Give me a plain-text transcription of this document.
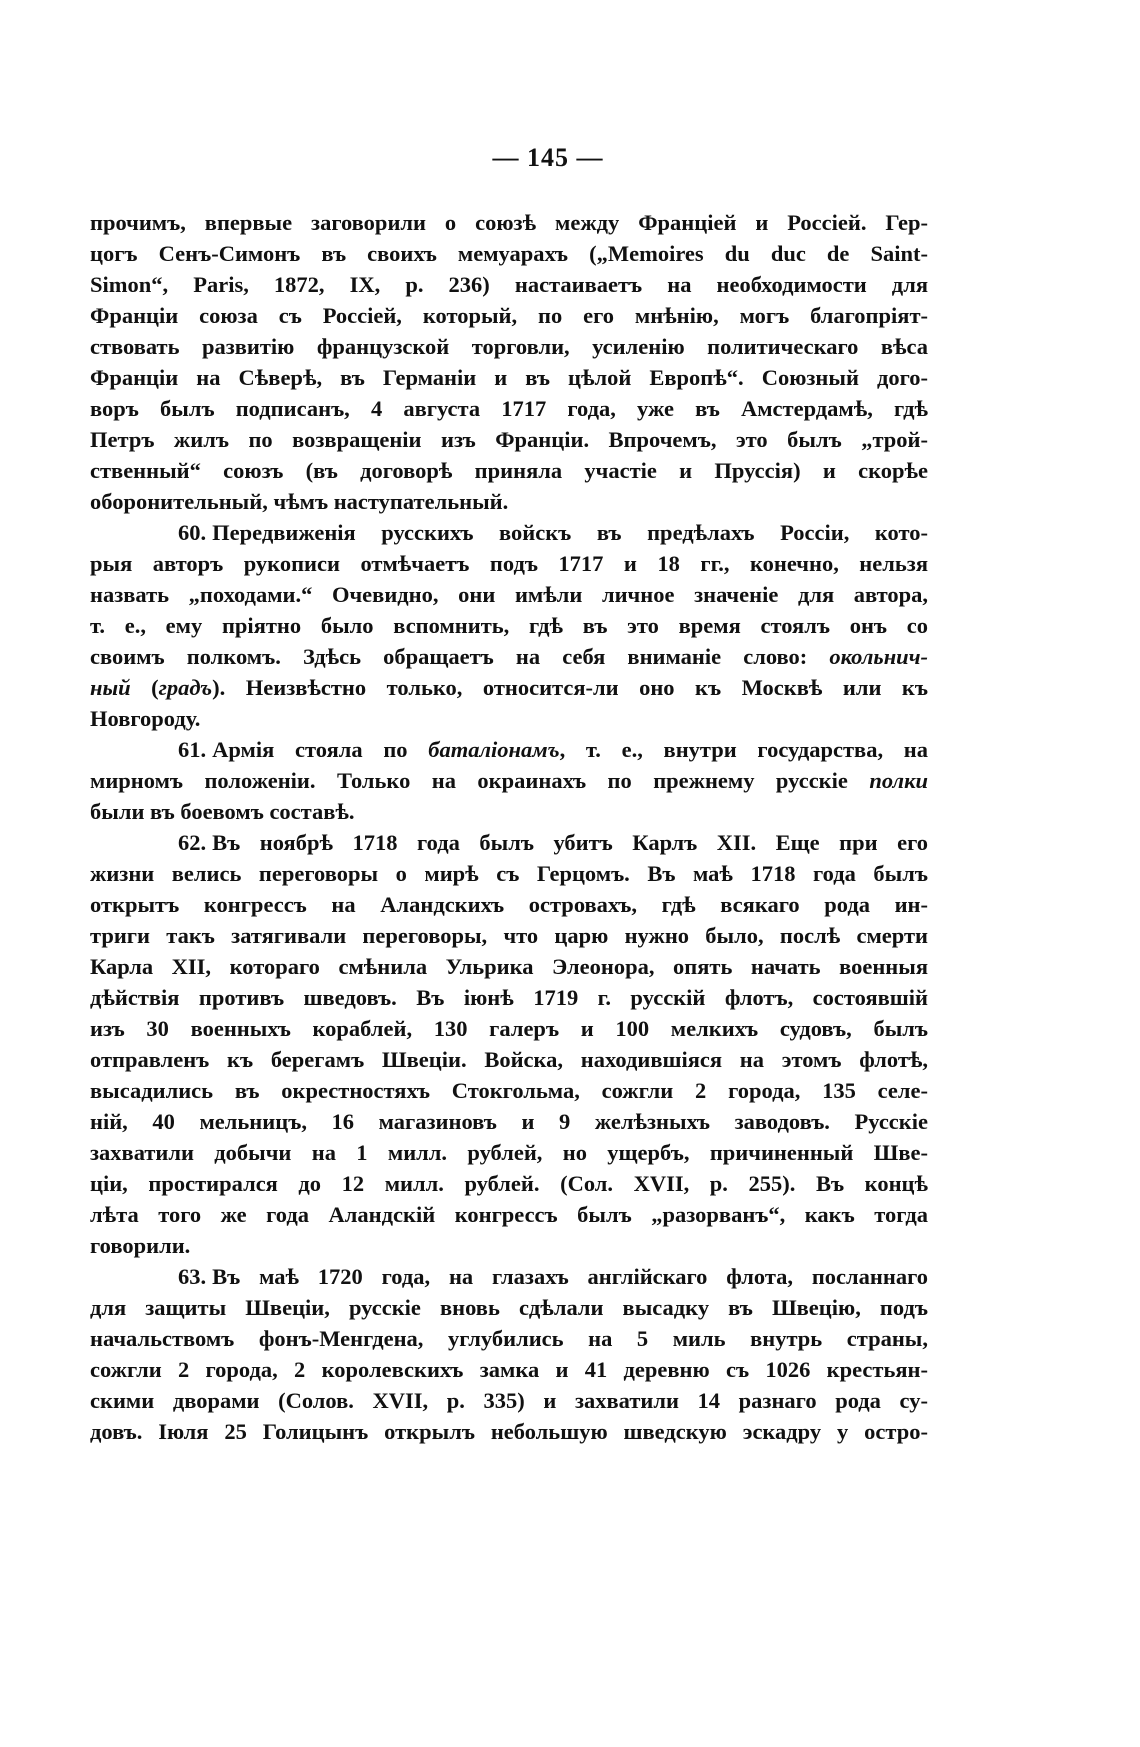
— 145 —
прочимъ, впервые заговорили о союзѣ между Франціей и Россіей. Гер-
цогъ Сенъ-Симонъ въ своихъ мемуарахъ („Memoires du duc de Saint-
Simon“, Paris, 1872, IX, p. 236) настаиваетъ на необходимости для
Франціи союза съ Россіей, который, по его мнѣнію, могъ благопріят-
ствовать развитію французской торговли, усиленію политическаго вѣса
Франціи на Сѣверѣ, въ Германіи и въ цѣлой Европѣ“. Союзный дого-
воръ былъ подписанъ, 4 августа 1717 года, уже въ Амстердамѣ, гдѣ
Петръ жилъ по возвращеніи изъ Франціи. Впрочемъ, это былъ „трой-
ственный“ союзъ (въ договорѣ приняла участіе и Пруссія) и скорѣе
оборонительный, чѣмъ наступательный.
60. Передвиженія русскихъ войскъ въ предѣлахъ Россіи, кото-
рыя авторъ рукописи отмѣчаетъ подъ 1717 и 18 гг., конечно, нельзя
назвать „походами.“ Очевидно, они имѣли личное значеніе для автора,
т. е., ему пріятно было вспомнить, гдѣ въ это время стоялъ онъ со
своимъ полкомъ. Здѣсь обращаетъ на себя вниманіе слово: окольнич-
ный (градъ). Неизвѣстно только, относится-ли оно къ Москвѣ или къ
Новгороду.
61. Армія стояла по баталіонамъ, т. е., внутри государства, на
мирномъ положеніи. Только на окраинахъ по прежнему русскіе полки
были въ боевомъ составѣ.
62. Въ ноябрѣ 1718 года былъ убитъ Карлъ XII. Еще при его
жизни велись переговоры о мирѣ съ Герцомъ. Въ маѣ 1718 года былъ
открытъ конгрессъ на Аландскихъ островахъ, гдѣ всякаго рода ин-
триги такъ затягивали переговоры, что царю нужно было, послѣ смерти
Карла XII, котораго смѣнила Ульрика Элеонора, опять начать военныя
дѣйствія противъ шведовъ. Въ іюнѣ 1719 г. русскій флотъ, состоявшій
изъ 30 военныхъ кораблей, 130 галеръ и 100 мелкихъ судовъ, былъ
отправленъ къ берегамъ Швеціи. Войска, находившіяся на этомъ флотѣ,
высадились въ окрестностяхъ Стокгольма, сожгли 2 города, 135 селе-
ній, 40 мельницъ, 16 магазиновъ и 9 желѣзныхъ заводовъ. Русскіе
захватили добычи на 1 милл. рублей, но ущербъ, причиненный Шве-
ціи, простирался до 12 милл. рублей. (Сол. XVII, p. 255). Въ концѣ
лѣта того же года Аландскій конгрессъ былъ „разорванъ“, какъ тогда
говорили.
63. Въ маѣ 1720 года, на глазахъ англійскаго флота, посланнаго
для защиты Швеціи, русскіе вновь сдѣлали высадку въ Швецію, подъ
начальствомъ фонъ-Менгдена, углубились на 5 миль внутрь страны,
сожгли 2 города, 2 королевскихъ замка и 41 деревню съ 1026 крестьян-
скими дворами (Солов. XVII, p. 335) и захватили 14 разнаго рода су-
довъ. Іюля 25 Голицынъ открылъ небольшую шведскую эскадру у остро-
